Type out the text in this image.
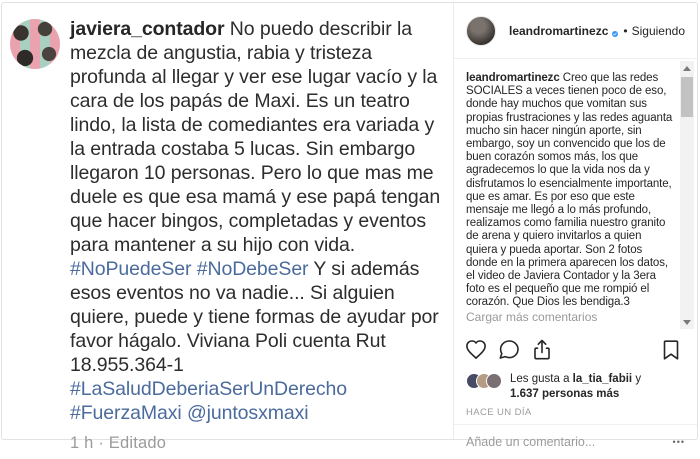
javiera_contador No puedo describir la mezcla de angustia, rabia y tristeza profunda al llegar y ver ese lugar vacío y la cara de los papás de Maxi. Es un teatro lindo, la lista de comediantes era variada y la entrada costaba 5 lucas. Sin embargo llegaron 10 personas. Pero lo que mas me duele es que esa mamá y ese papá tengan que hacer bingos, completadas y eventos para mantener a su hijo con vida. #NoPuedeSer #NoDebeSer Y si además esos eventos no va nadie... Si alguien quiere, puede y tiene formas de ayudar por favor hágalo. Viviana Poli cuenta Rut 18.955.364-1 #LaSaludDeberiaSerUnDerecho #FuerzaMaxi @juntosxmaxi
1 h · Editado
leandromartinezc • Siguiendo

leandromartinezc Creo que las redes SOCIALES a veces tienen poco de eso, donde hay muchos que vomitan sus propias frustraciones y las redes aguanta mucho sin hacer ningún aporte, sin embargo, soy un convencido que los de buen corazón somos más, los que agradecemos lo que la vida nos da y disfrutamos lo esencialmente importante, que es amar. Es por eso que este mensaje me llegó a lo más profundo, realizamos como familia nuestro granito de arena y quiero invitarlos a quien quiera y pueda aportar. Son 2 fotos donde en la primera aparecen los datos, el video de Javiera Contador y la 3era foto es el pequeño que me rompió el corazón. Que Dios les bendiga.3

Cargar más comentarios
Les gusta a la_tia_fabii y
1.637 personas más
HACE UN DÍA
Añade un comentario...
•••
